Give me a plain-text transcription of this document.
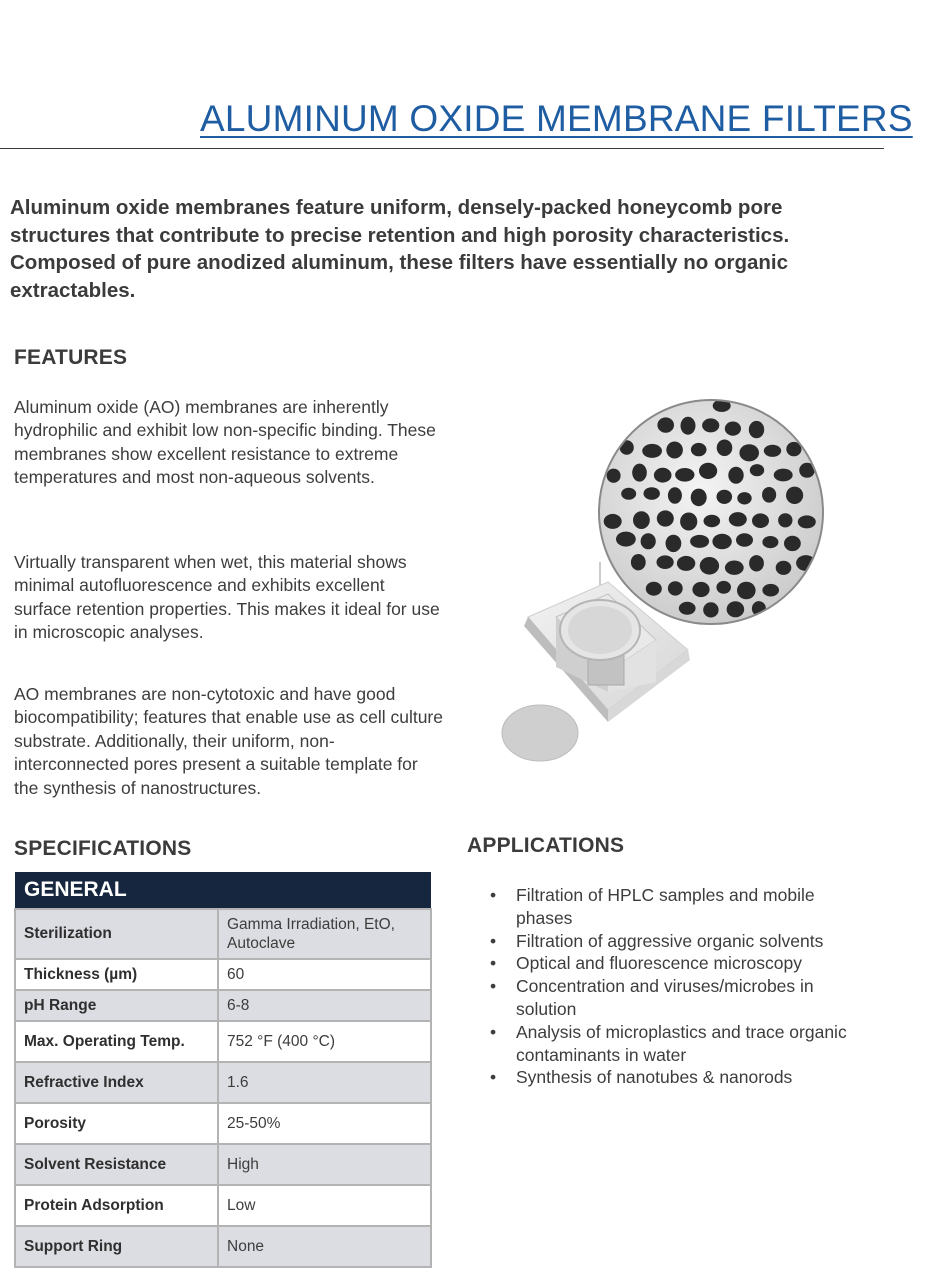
ALUMINUM OXIDE MEMBRANE FILTERS

Aluminum oxide membranes feature uniform, densely-packed honeycomb pore structures that contribute to precise retention and high porosity characteristics. Composed of pure anodized aluminum, these filters have essentially no organic extractables.

FEATURES

Aluminum oxide (AO) membranes are inherently hydrophilic and exhibit low non-specific binding. These membranes show excellent resistance to extreme temperatures and most non-aqueous solvents.

Virtually transparent when wet, this material shows minimal autofluorescence and exhibits excellent surface retention properties. This makes it ideal for use in microscopic analyses.

AO membranes are non-cytotoxic and have good biocompatibility; features that enable use as cell culture substrate. Additionally, their uniform, non-interconnected pores present a suitable template for the synthesis of nanostructures.

SPECIFICATIONS
GENERAL	
Sterilization	Gamma Irradiation, EtO, Autoclave
Thickness (µm)	60
pH Range	6-8
Max. Operating Temp.	752 °F (400 °C)
Refractive Index	1.6
Porosity	25-50%
Solvent Resistance	High
Protein Adsorption	Low
Support Ring	None
APPLICATIONS
• Filtration of HPLC samples and mobile phases
• Filtration of aggressive organic solvents
• Optical and fluorescence microscopy
• Concentration and viruses/microbes in solution
• Analysis of microplastics and trace organic contaminants in water
• Synthesis of nanotubes & nanorods
